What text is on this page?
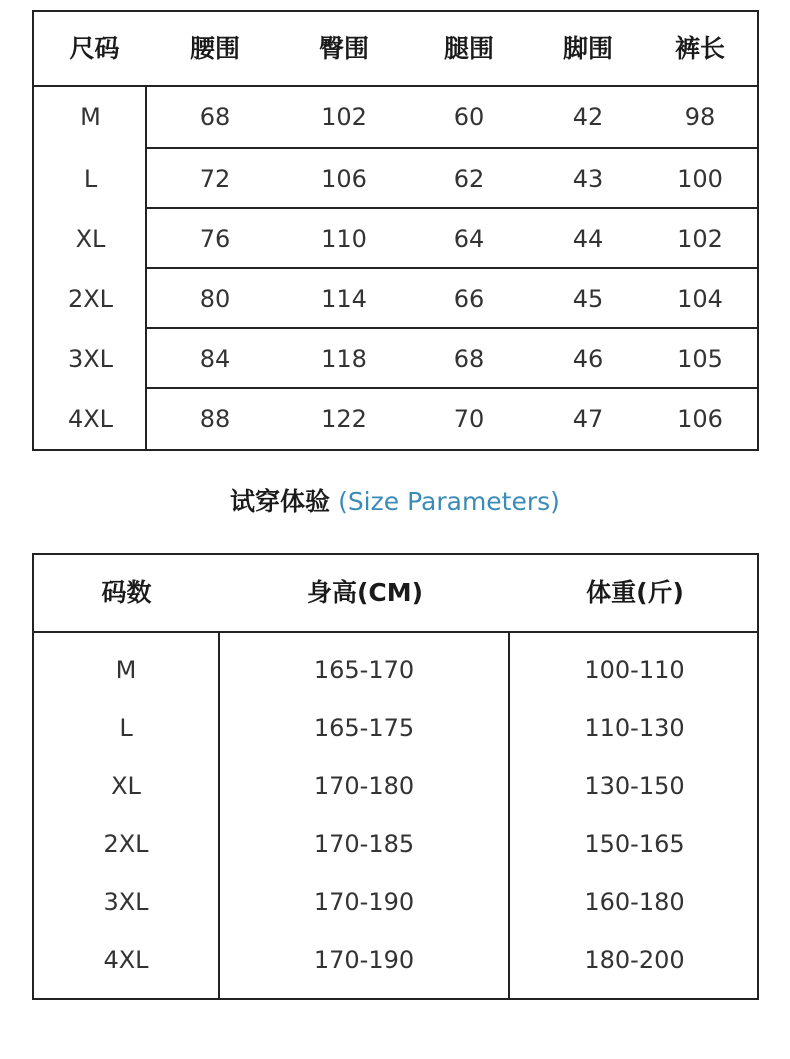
尺码	腰围	臀围	腿围	脚围	裤长
M	68	102	60	42	98
L	72	106	62	43	100
XL	76	110	64	44	102
2XL	80	114	66	45	104
3XL	84	118	68	46	105
4XL	88	122	70	47	106
试穿体验 (Size Parameters)
码数	身高(CM)	体重(斤)
M	165-170	100-110
L	165-175	110-130
XL	170-180	130-150
2XL	170-185	150-165
3XL	170-190	160-180
4XL	170-190	180-200
